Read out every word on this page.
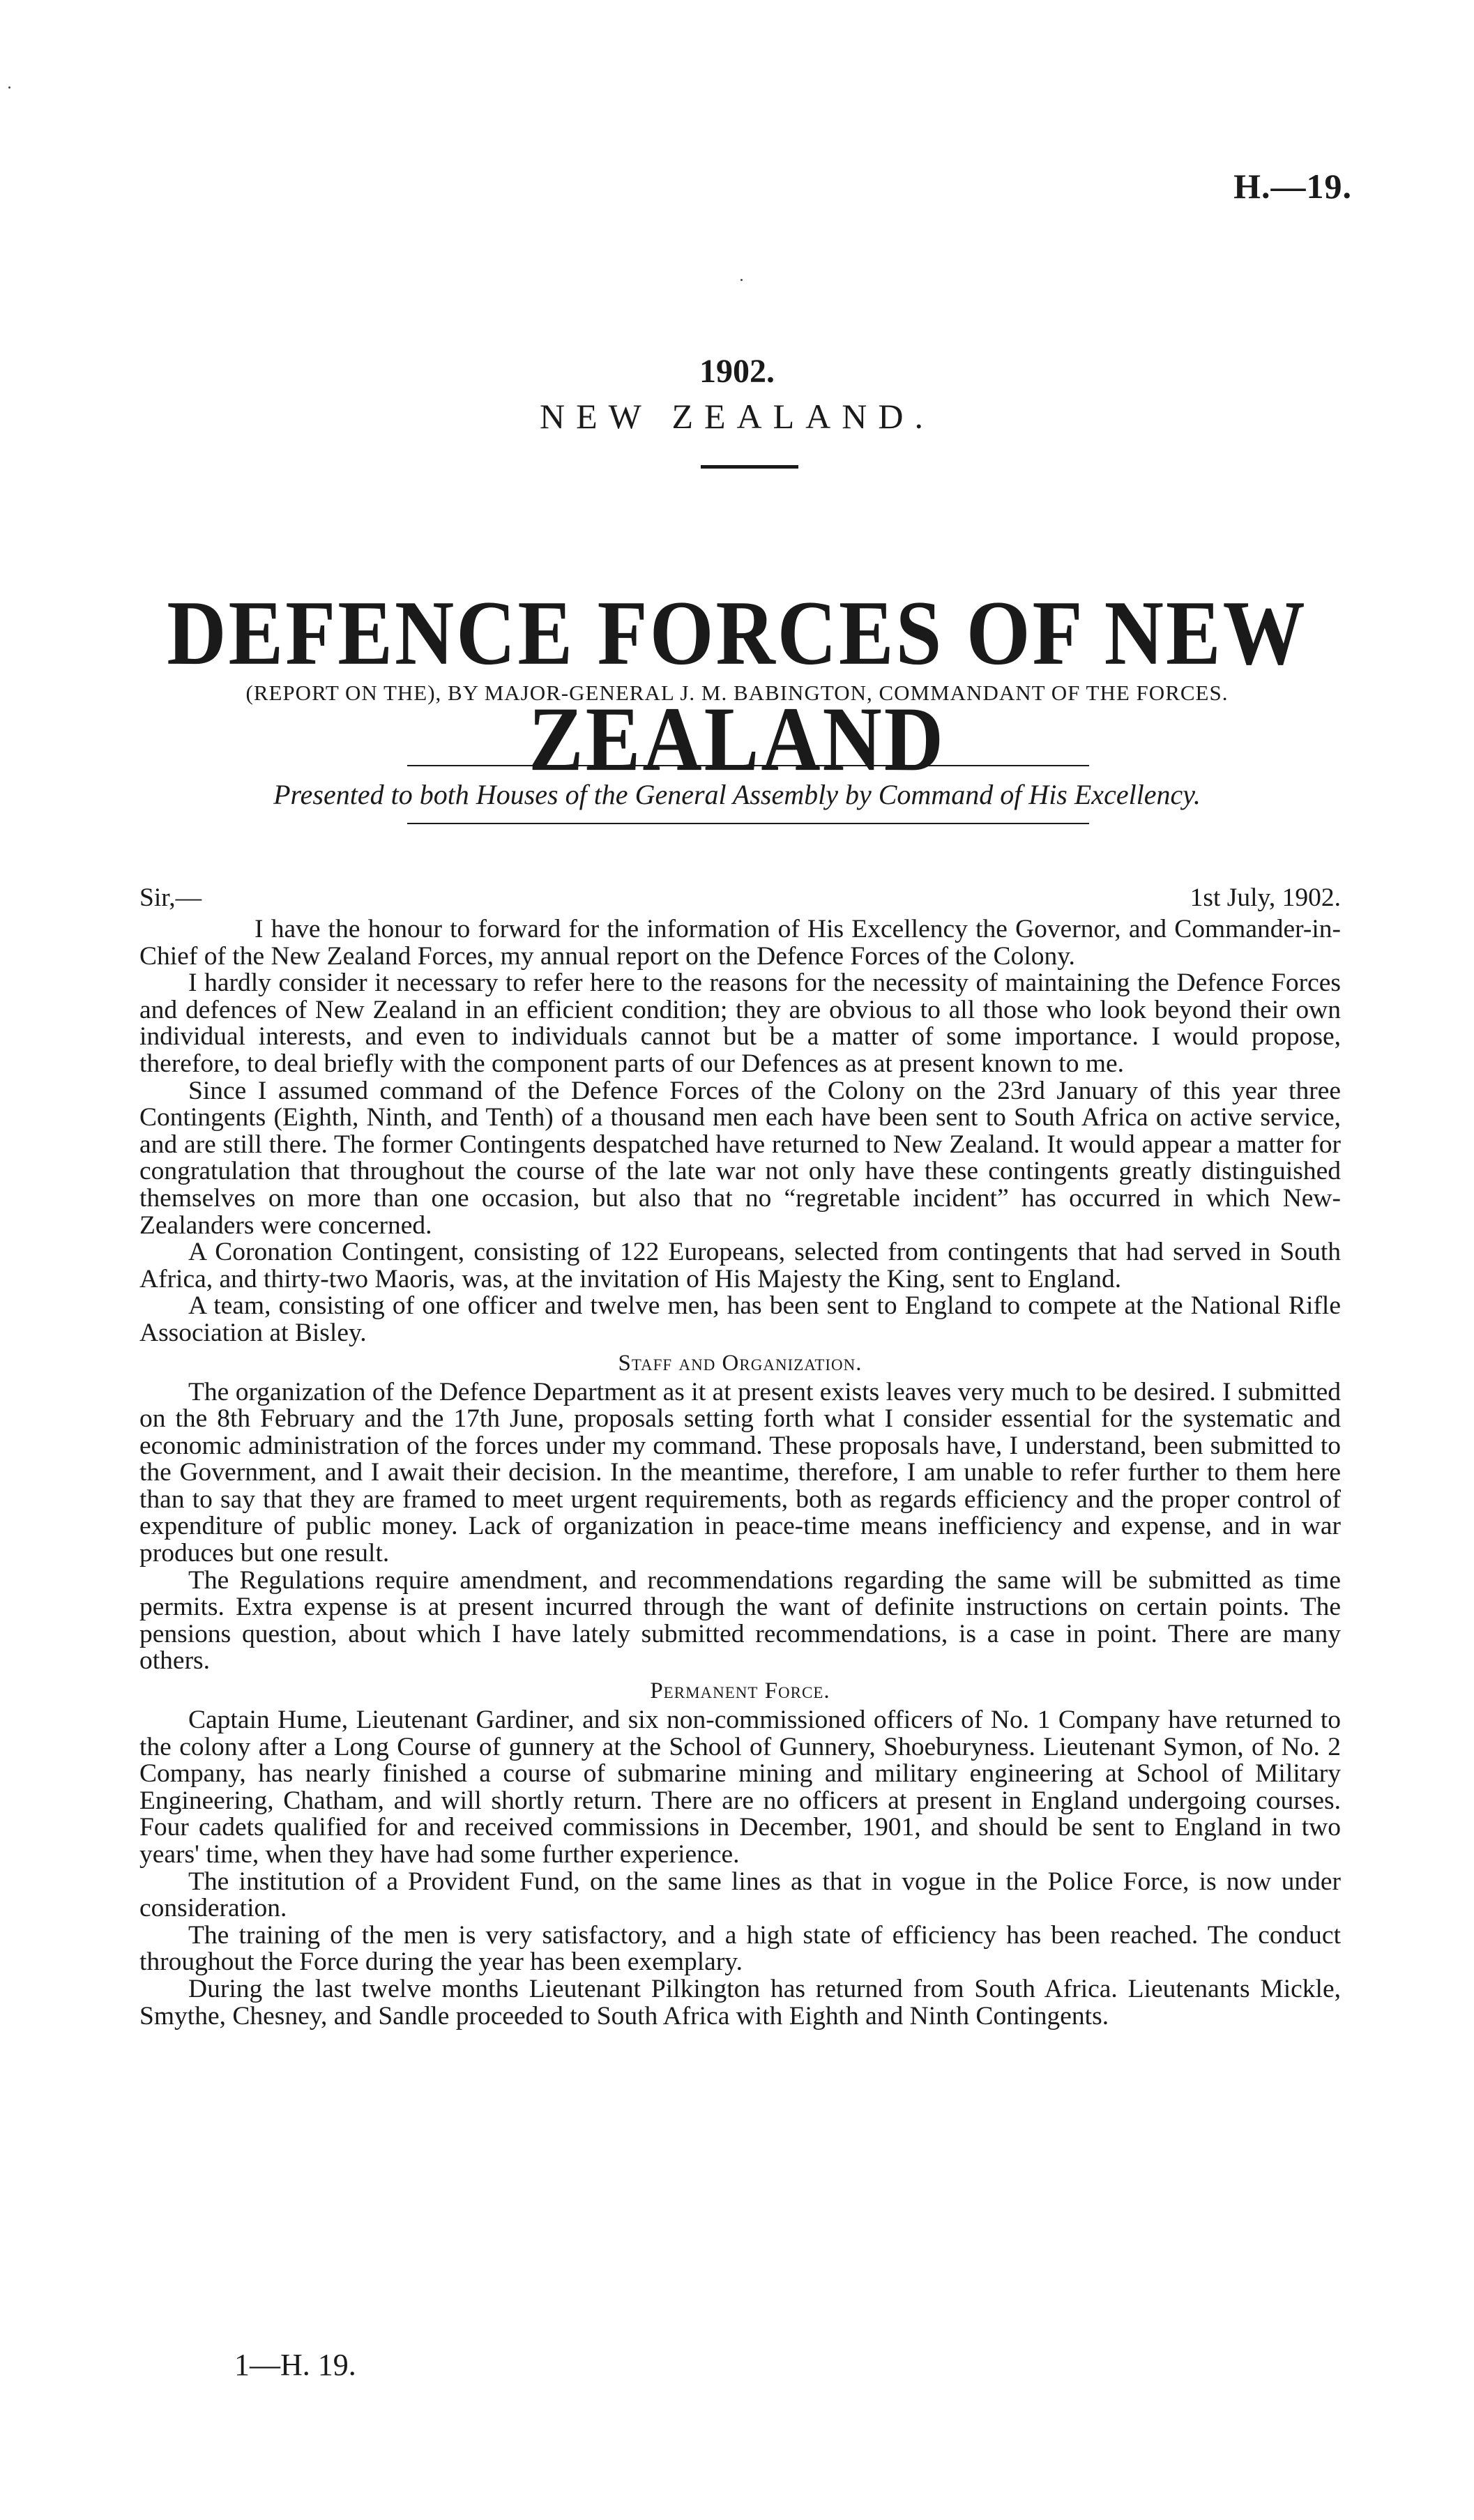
H.—19.
1902.
NEW ZEALAND.
DEFENCE FORCES OF NEW ZEALAND
(REPORT ON THE), BY MAJOR-GENERAL J. M. BABINGTON, COMMANDANT OF THE FORCES.
Presented to both Houses of the General Assembly by Command of His Excellency.
Sir,—	1st July, 1902.

I have the honour to forward for the information of His Excellency the Governor, and Commander-in-Chief of the New Zealand Forces, my annual report on the Defence Forces of the Colony.

I hardly consider it necessary to refer here to the reasons for the necessity of maintaining the Defence Forces and defences of New Zealand in an efficient condition; they are obvious to all those who look beyond their own individual interests, and even to individuals cannot but be a matter of some importance. I would propose, therefore, to deal briefly with the component parts of our Defences as at present known to me.

Since I assumed command of the Defence Forces of the Colony on the 23rd January of this year three Contingents (Eighth, Ninth, and Tenth) of a thousand men each have been sent to South Africa on active service, and are still there. The former Contingents despatched have returned to New Zealand. It would appear a matter for congratulation that throughout the course of the late war not only have these contingents greatly distinguished themselves on more than one occasion, but also that no “regretable incident” has occurred in which New-Zealanders were concerned.

A Coronation Contingent, consisting of 122 Europeans, selected from contingents that had served in South Africa, and thirty-two Maoris, was, at the invitation of His Majesty the King, sent to England.

A team, consisting of one officer and twelve men, has been sent to England to compete at the National Rifle Association at Bisley.

Staff and Organization.

The organization of the Defence Department as it at present exists leaves very much to be desired. I submitted on the 8th February and the 17th June, proposals setting forth what I consider essential for the systematic and economic administration of the forces under my command. These proposals have, I understand, been submitted to the Government, and I await their decision. In the meantime, therefore, I am unable to refer further to them here than to say that they are framed to meet urgent requirements, both as regards efficiency and the proper control of expenditure of public money. Lack of organization in peace-time means inefficiency and expense, and in war produces but one result.

The Regulations require amendment, and recommendations regarding the same will be submitted as time permits. Extra expense is at present incurred through the want of definite instructions on certain points. The pensions question, about which I have lately submitted recommendations, is a case in point. There are many others.

Permanent Force.

Captain Hume, Lieutenant Gardiner, and six non-commissioned officers of No. 1 Company have returned to the colony after a Long Course of gunnery at the School of Gunnery, Shoeburyness. Lieutenant Symon, of No. 2 Company, has nearly finished a course of submarine mining and military engineering at School of Military Engineering, Chatham, and will shortly return. There are no officers at present in England undergoing courses. Four cadets qualified for and received commissions in December, 1901, and should be sent to England in two years' time, when they have had some further experience.

The institution of a Provident Fund, on the same lines as that in vogue in the Police Force, is now under consideration.

The training of the men is very satisfactory, and a high state of efficiency has been reached. The conduct throughout the Force during the year has been exemplary.

During the last twelve months Lieutenant Pilkington has returned from South Africa. Lieutenants Mickle, Smythe, Chesney, and Sandle proceeded to South Africa with Eighth and Ninth Contingents.

1—H. 19.
